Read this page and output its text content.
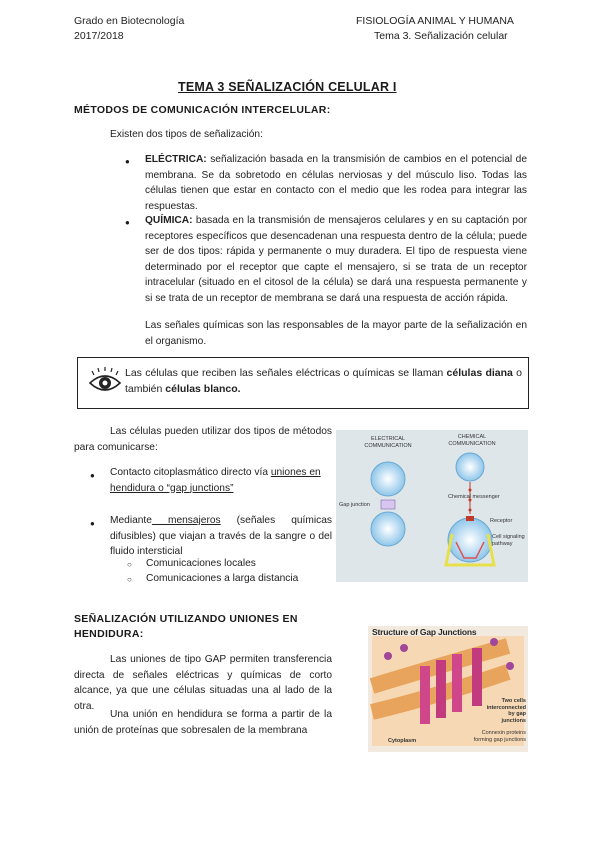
Grado en Biotecnología
2017/2018
FISIOLOGÍA ANIMAL Y HUMANA
Tema 3. Señalización celular
TEMA 3 SEÑALIZACIÓN CELULAR I
MÉTODOS DE COMUNICACIÓN INTERCELULAR:
Existen dos tipos de señalización:
● ELÉCTRICA: señalización basada en la transmisión de cambios en el potencial de membrana. Se da sobretodo en células nerviosas y del músculo liso. Todas las células tienen que estar en contacto con el medio que les rodea para integrar las respuestas.
● QUÍMICA: basada en la transmisión de mensajeros celulares y en su captación por receptores específicos que desencadenan una respuesta dentro de la célula; puede ser de dos tipos: rápida y permanente o muy duradera. El tipo de respuesta viene determinado por el receptor que capte el mensajero, si se trata de un receptor intracelular (situado en el citosol de la célula) se dará una respuesta permanente y si se trata de un receptor de membrana se dará una respuesta de acción rápida.
Las señales químicas son las responsables de la mayor parte de la señalización en el organismo.
Las células que reciben las señales eléctricas o químicas se llaman células diana o también células blanco.
Las células pueden utilizar dos tipos de métodos para comunicarse:
● Contacto citoplasmático directo vía uniones en hendidura o “gap junctions”
● Mediante mensajeros (señales químicas difusibles) que viajan a través de la sangre o del fluido intersticial
○ Comunicaciones locales
○ Comunicaciones a larga distancia
ELECTRICAL COMMUNICATION
CHEMICAL COMMUNICATION
Gap junction
Chemical messenger
Receptor
Cell signaling pathway
SEÑALIZACIÓN UTILIZANDO UNIONES EN
HENDIDURA:
Las uniones de tipo GAP permiten transferencia directa de señales eléctricas y químicas de corto alcance, ya que une células situadas una al lado de la otra.
Una unión en hendidura se forma a partir de la unión de proteínas que sobresalen de la membrana
Structure of Gap Junctions
Two cells interconnected by gap junctions
Cytoplasm
Connexin proteins forming gap junctions
